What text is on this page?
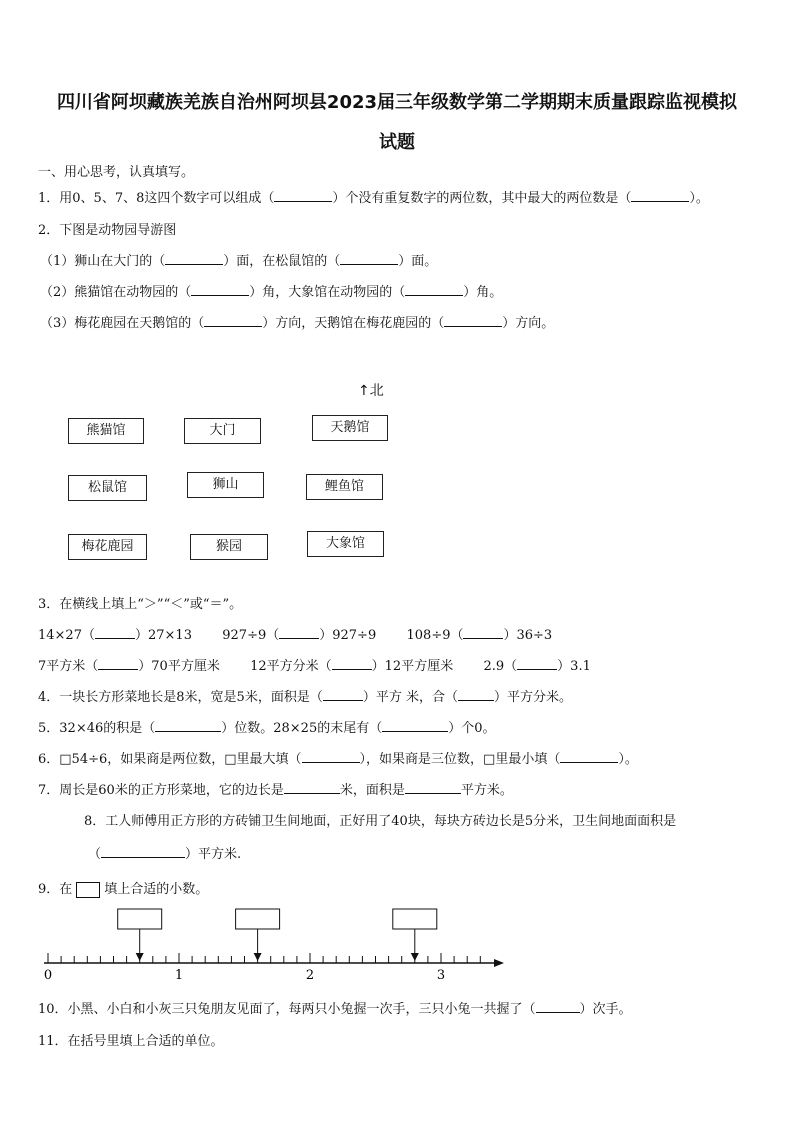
四川省阿坝藏族羌族自治州阿坝县2023届三年级数学第二学期期末质量跟踪监视模拟
试题
一、用心思考，认真填写。
1．用0、5、7、8这四个数字可以组成（	）个没有重复数字的两位数，其中最大的两位数是（	）。
2．下图是动物园导游图
（1）狮山在大门的（	）面，在松鼠馆的（	）面。
（2）熊猫馆在动物园的（	）角，大象馆在动物园的（	）角。
（3）梅花鹿园在天鹅馆的（	）方向，天鹅馆在梅花鹿园的（	）方向。
↑北
熊猫馆	大门	天鹅馆
松鼠馆	狮山	鲤鱼馆
梅花鹿园	猴园	大象馆
3．在横线上填上“＞”“＜”或“＝”。
14×27（	）27×13 927÷9（	）927÷9 108÷9（	）36÷3
7平方米（	）70平方厘米 12平方分米（	）12平方厘米 2.9（	）3.1
4．一块长方形菜地长是8米，宽是5米，面积是（	）平方 米，合（	）平方分米。
5．32×46的积是（	）位数。28×25的末尾有（	）个0。
6．□54÷6，如果商是两位数，□里最大填（	），如果商是三位数，□里最小填（	）。
7．周长是60米的正方形菜地，它的边长是	米，面积是	平方米。
8．工人师傅用正方形的方砖铺卫生间地面，正好用了40块，每块方砖边长是5分米，卫生间地面面积是
（	）平方米.
9．在 填上合适的小数。
0	1	2	3
10．小黑、小白和小灰三只兔朋友见面了，每两只小兔握一次手，三只小兔一共握了（	）次手。
11．在括号里填上合适的单位。
